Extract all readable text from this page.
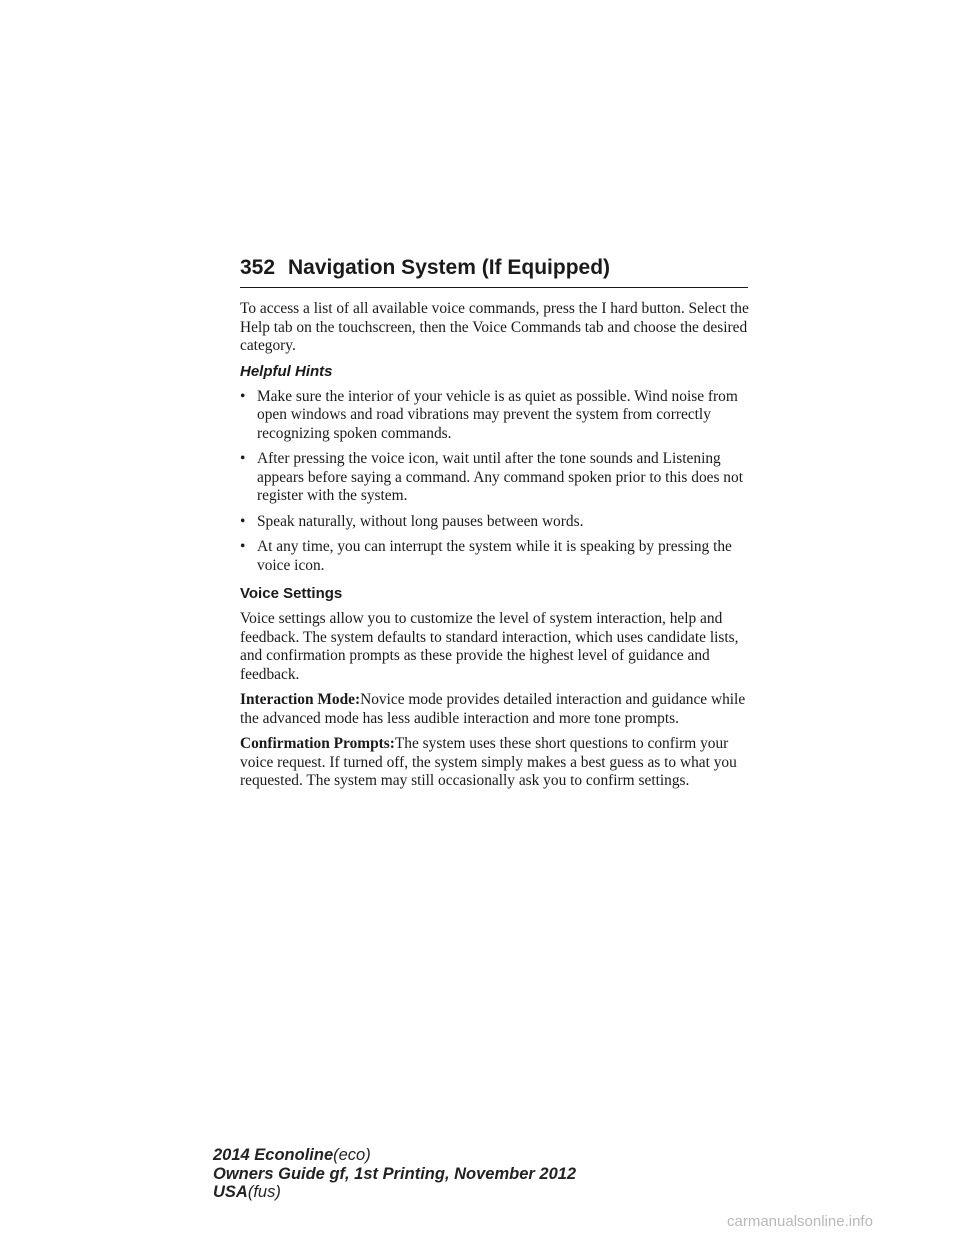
352 Navigation System (If Equipped)

To access a list of all available voice commands, press the I hard button. Select the Help tab on the touchscreen, then the Voice Commands tab and choose the desired category.

Helpful Hints
• Make sure the interior of your vehicle is as quiet as possible. Wind noise from open windows and road vibrations may prevent the system from correctly recognizing spoken commands.
• After pressing the voice icon, wait until after the tone sounds and Listening appears before saying a command. Any command spoken prior to this does not register with the system.
• Speak naturally, without long pauses between words.
• At any time, you can interrupt the system while it is speaking by pressing the voice icon.
Voice Settings

Voice settings allow you to customize the level of system interaction, help and feedback. The system defaults to standard interaction, which uses candidate lists, and confirmation prompts as these provide the highest level of guidance and feedback.

Interaction Mode:Novice mode provides detailed interaction and guidance while the advanced mode has less audible interaction and more tone prompts.

Confirmation Prompts:The system uses these short questions to confirm your voice request. If turned off, the system simply makes a best guess as to what you requested. The system may still occasionally ask you to confirm settings.

2014 Econoline(eco)
Owners Guide gf, 1st Printing, November 2012
USA(fus)
carmanualsonline.info
